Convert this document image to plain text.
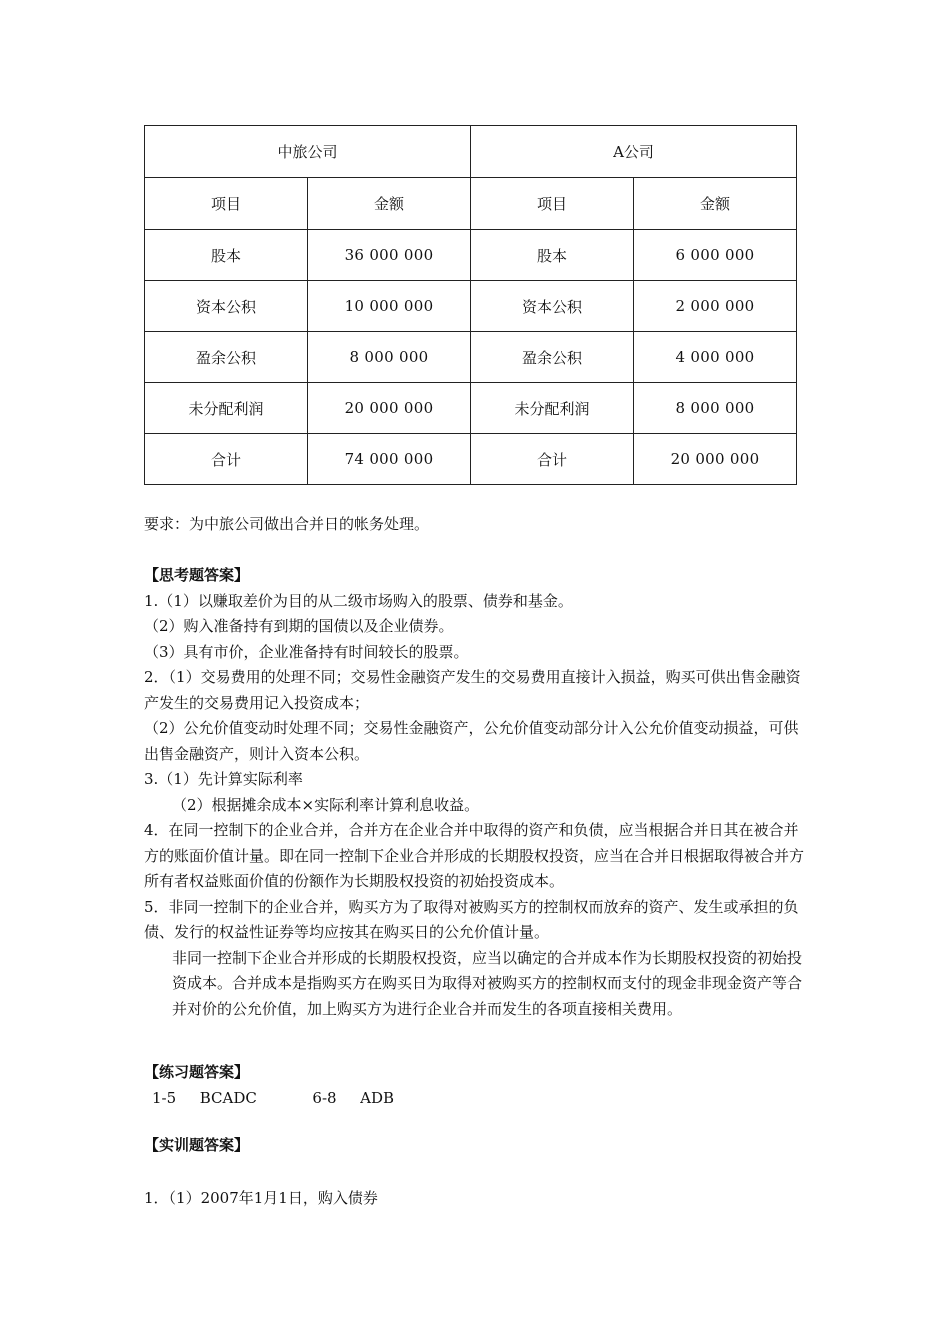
中旅公司		A公司	
项目	金额	项目	金额
股本	36 000 000	股本	6 000 000
资本公积	10 000 000	资本公积	2 000 000
盈余公积	8 000 000	盈余公积	4 000 000
未分配利润	20 000 000	未分配利润	8 000 000
合计	74 000 000	合计	20 000 000
要求：为中旅公司做出合并日的帐务处理。
【思考题答案】
1.（1）以赚取差价为目的从二级市场购入的股票、债券和基金。
（2）购入准备持有到期的国债以及企业债券。
（3）具有市价，企业准备持有时间较长的股票。
2．（1）交易费用的处理不同；交易性金融资产发生的交易费用直接计入损益，购买可供出售金融资产发生的交易费用记入投资成本；
（2）公允价值变动时处理不同；交易性金融资产，公允价值变动部分计入公允价值变动损益，可供出售金融资产，则计入资本公积。
3.（1）先计算实际利率
（2）根据摊余成本×实际利率计算利息收益。
4．在同一控制下的企业合并，合并方在企业合并中取得的资产和负债，应当根据合并日其在被合并方的账面价值计量。即在同一控制下企业合并形成的长期股权投资，应当在合并日根据取得被合并方所有者权益账面价值的份额作为长期股权投资的初始投资成本。
5．非同一控制下的企业合并，购买方为了取得对被购买方的控制权而放弃的资产、发生或承担的负债、发行的权益性证券等均应按其在购买日的公允价值计量。
非同一控制下企业合并形成的长期股权投资，应当以确定的合并成本作为长期股权投资的初始投资成本。合并成本是指购买方在购买日为取得对被购买方的控制权而支付的现金非现金资产等合并对价的公允价值，加上购买方为进行企业合并而发生的各项直接相关费用。
【练习题答案】
1-5 BCADC	6-8 ADB
【实训题答案】
1．（1）2007年1月1日，购入债券
